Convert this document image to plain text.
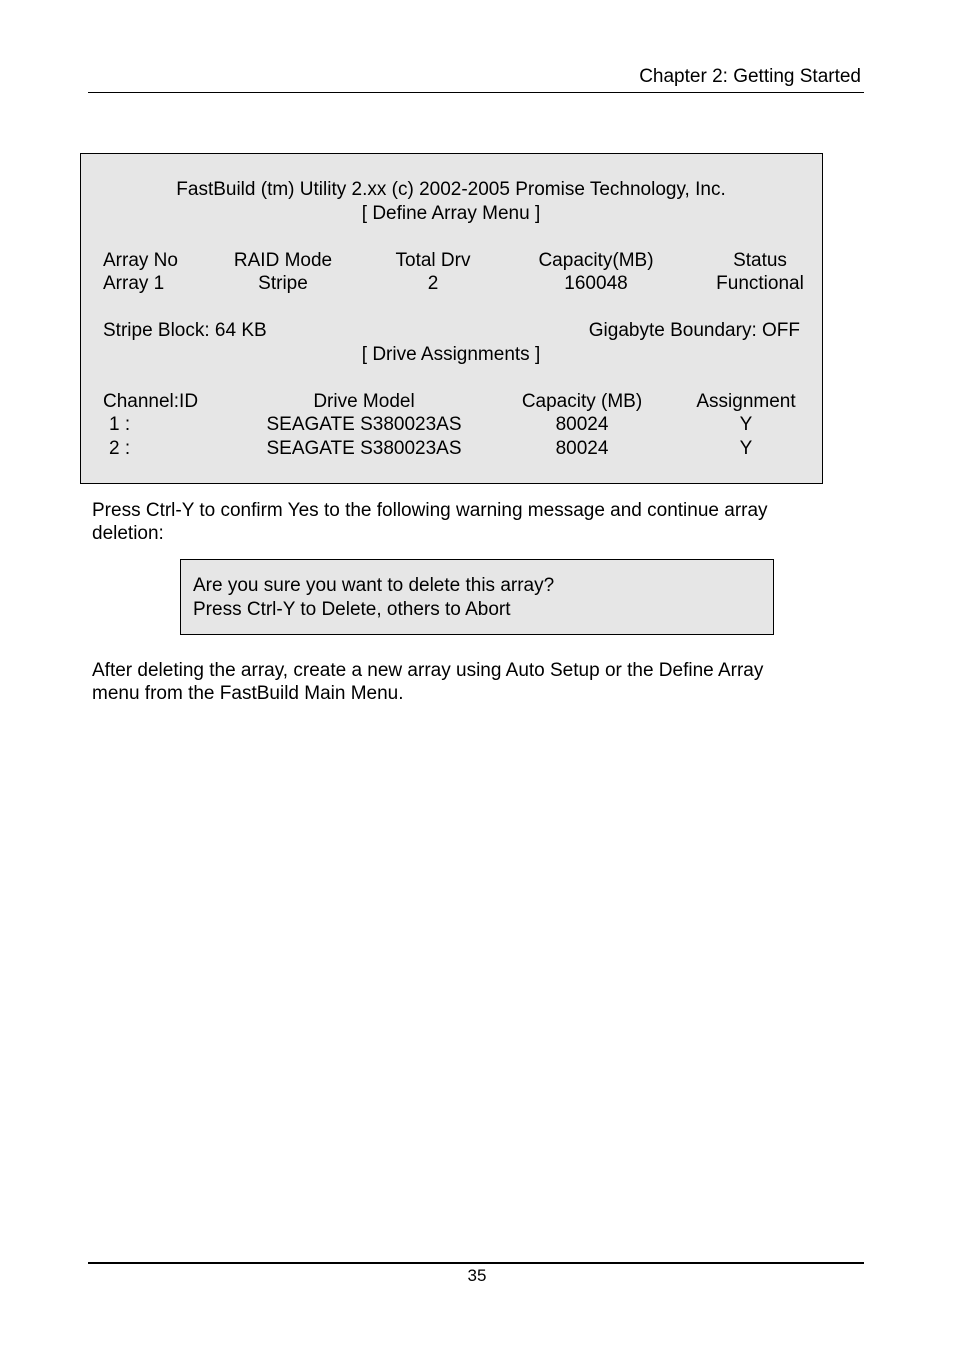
Chapter 2: Getting Started
FastBuild (tm) Utility 2.xx (c) 2002-2005 Promise Technology, Inc.
[ Define Array Menu ]
Array No	RAID Mode	Total Drv	Capacity(MB)	Status
Array 1	Stripe	2	160048	Functional
Stripe Block: 64 KB	Gigabyte Boundary: OFF
[ Drive Assignments ]
Channel:ID	Drive Model	Capacity (MB)	Assignment
1 :	SEAGATE S380023AS	80024	Y
2 :	SEAGATE S380023AS	80024	Y
Press Ctrl-Y to confirm Yes to the following warning message and continue array
deletion:
Are you sure you want to delete this array?
Press Ctrl-Y to Delete, others to Abort
After deleting the array, create a new array using Auto Setup or the Define Array
menu from the FastBuild Main Menu.
35
